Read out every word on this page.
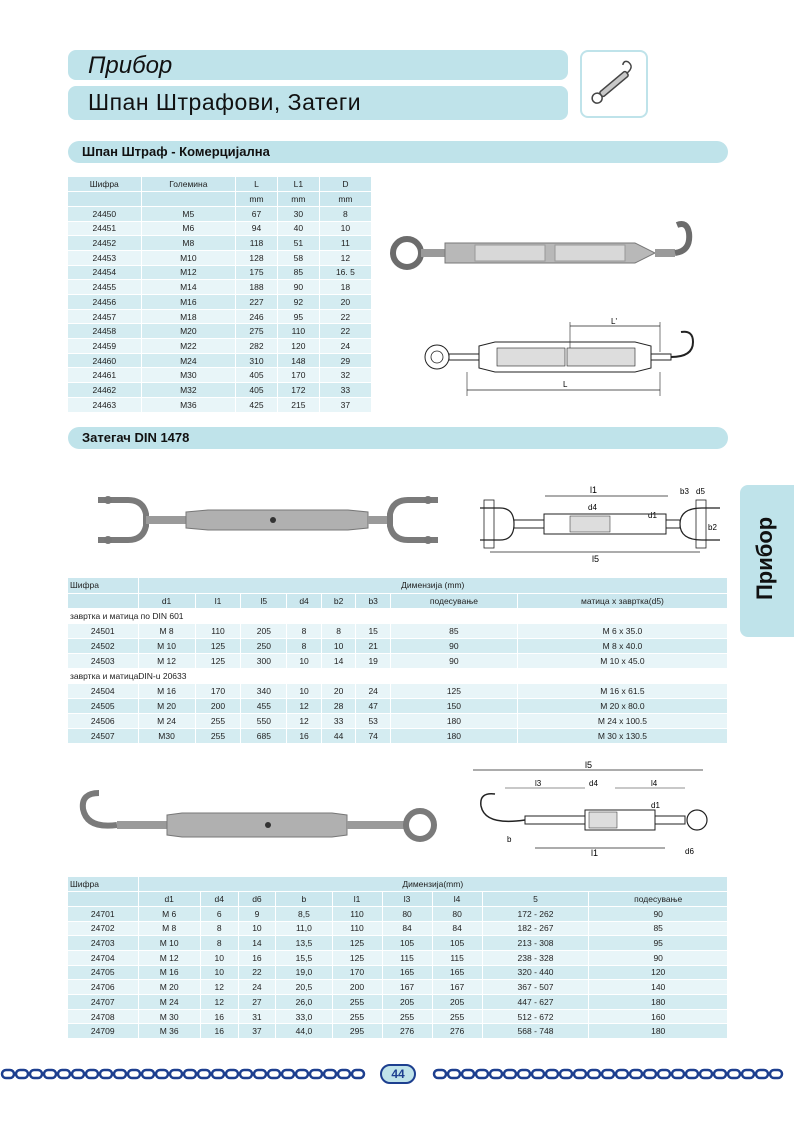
Прибор
Шпан Штрафови, Затеги
Шпан Штраф - Комерцијална
Шифра	Големина	L	L1	D
		mm	mm	mm
24450	M5	67	30	8
24451	M6	94	40	10
24452	M8	118	51	11
24453	M10	128	58	12
24454	M12	175	85	16. 5
24455	M14	188	90	18
24456	M16	227	92	20
24457	M18	246	95	22
24458	M20	275	110	22
24459	M22	282	120	24
24460	M24	310	148	29
24461	M30	405	170	32
24462	M32	405	172	33
24463	M36	425	215	37
L'
L
Затегач DIN 1478
l1	b3 d5
d4
d1
b2
l5
Шифра	Димензија (mm)							
	d1	l1	l5	d4	b2	b3	подесување	матица x завртка(d5)
завртка и матица по DIN 601								
24501	M 8	110	205	8	8	15	85	M 6 x 35.0
24502	M 10	125	250	8	10	21	90	M 8 x 40.0
24503	M 12	125	300	10	14	19	90	M 10 x 45.0
завртка и матицаDIN-u 20633								
24504	M 16	170	340	10	20	24	125	M 16 x 61.5
24505	M 20	200	455	12	28	47	150	M 20 x 80.0
24506	M 24	255	550	12	33	53	180	M 24 x 100.5
24507	M30	255	685	16	44	74	180	M 30 x 130.5
l5
l3	d4	l4
d1
b
l1	d6
Шифра	Димензија(mm)								
	d1	d4	d6	b	l1	l3	l4	5	подесување
24701	M 6	6	9	8,5	110	80	80	172 - 262	90
24702	M 8	8	10	11,0	110	84	84	182 - 267	85
24703	M 10	8	14	13,5	125	105	105	213 - 308	95
24704	M 12	10	16	15,5	125	115	115	238 - 328	90
24705	M 16	10	22	19,0	170	165	165	320 - 440	120
24706	M 20	12	24	20,5	200	167	167	367 - 507	140
24707	M 24	12	27	26,0	255	205	205	447 - 627	180
24708	M 30	16	31	33,0	255	255	255	512 - 672	160
24709	M 36	16	37	44,0	295	276	276	568 - 748	180
Прибор
44
